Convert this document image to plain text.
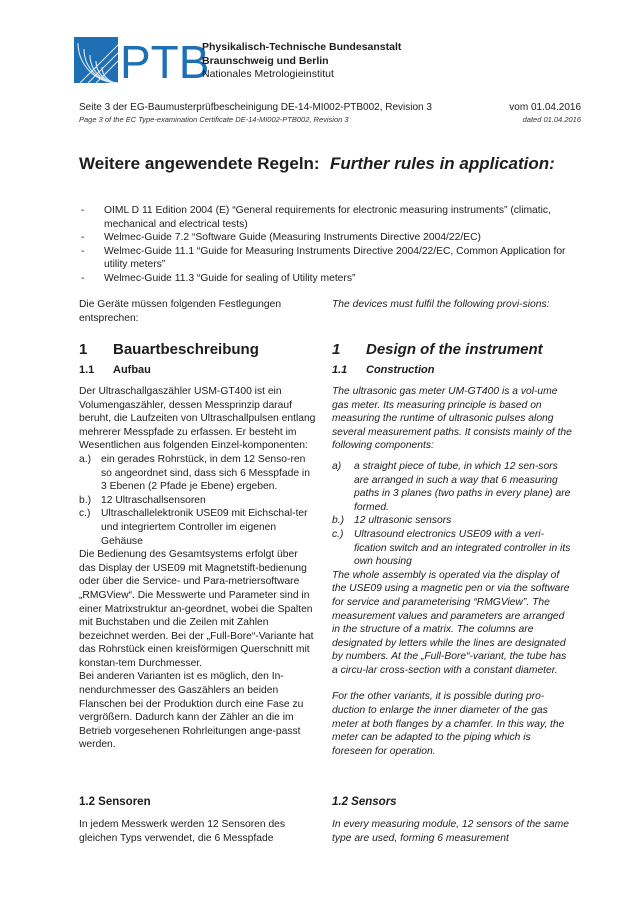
PTB
Physikalisch-Technische Bundesanstalt
Braunschweig und Berlin
Nationales Metrologieinstitut
Seite 3 der EG-Baumusterprüfbescheinigung DE-14-MI002-PTB002, Revision 3
Page 3 of the EC Type-examination Certificate DE-14-MI002-PTB002, Revision 3
vom 01.04.2016
dated 01.04.2016
Weitere angewendete Regeln: Further rules in application:
- OIML D 11 Edition 2004 (E) “General requirements for electronic measuring instruments” (climatic, mechanical and electrical tests)
- Welmec-Guide 7.2 “Software Guide (Measuring Instruments Directive 2004/22/EC)
- Welmec-Guide 11.1 “Guide for Measuring Instruments Directive 2004/22/EC, Common Application for utility meters”
- Welmec-Guide 11.3 “Guide for sealing of Utility meters”
Die Geräte müssen folgenden Festlegungen entsprechen:
The devices must fulfil the following provi-sions:
1 Bauartbeschreibung	1 Design of the instrument
1.1 Aufbau	1.1 Construction
Der Ultraschallgaszähler USM-GT400 ist ein Volumengaszähler, dessen Messprinzip darauf beruht, die Laufzeiten von Ultraschallpulsen entlang mehrerer Messpfade zu erfassen. Er besteht im Wesentlichen aus folgenden Einzel-komponenten:
a.) ein gerades Rohrstück, in dem 12 Senso-ren so angeordnet sind, dass sich 6 Messpfade in 3 Ebenen (2 Pfade je Ebene) ergeben.
b.) 12 Ultraschallsensoren
c.)	Ultraschallelektronik USE09 mit Eichschal-ter und integriertem Controller im eigenen Gehäuse
Die Bedienung des Gesamtsystems erfolgt über das Display der USE09 mit Magnetstift-bedienung oder über die Service- und Para-metriersoftware „RMGView“. Die Messwerte und Parameter sind in einer Matrixstruktur an-geordnet, wobei die Spalten mit Buchstaben und die Zeilen mit Zahlen bezeichnet werden. Bei der „Full-Bore“-Variante hat das Rohrstück einen kreisförmigen Querschnitt mit konstan-tem Durchmesser.
Bei anderen Varianten ist es möglich, den In-nendurchmesser des Gaszählers an beiden Flanschen bei der Produktion durch eine Fase zu vergrößern. Dadurch kann der Zähler an die im Betrieb vorgesehenen Rohrleitungen ange-passt werden.
The ultrasonic gas meter UM-GT400 is a vol-ume gas meter. Its measuring principle is based on measuring the runtime of ultrasonic pulses along several measurement paths. It consists mainly of the following components:
a)	a straight piece of tube, in which 12 sen-sors are arranged in such a way that 6 measuring paths in 3 planes (two paths in every plane) are formed.
b.) 12 ultrasonic sensors
c.)	Ultrasound electronics USE09 with a veri-fication switch and an integrated controller in its own housing
The whole assembly is operated via the display of the USE09 using a magnetic pen or via the software for service and parameterising “RMGView”. The measurement values and parameters are arranged in the structure of a matrix. The columns are designated by letters while the lines are designated by numbers. At the „Full-Bore“-variant, the tube has a circu-lar cross-section with a constant diameter.
For the other variants, it is possible during pro-duction to enlarge the inner diameter of the gas meter at both flanges by a chamfer. In this way, the meter can be adapted to the piping which is foreseen for operation.
1.2 Sensoren	1.2 Sensors
In jedem Messwerk werden 12 Sensoren des gleichen Typs verwendet, die 6 Messpfade
In every measuring module, 12 sensors of the same type are used, forming 6 measurement
